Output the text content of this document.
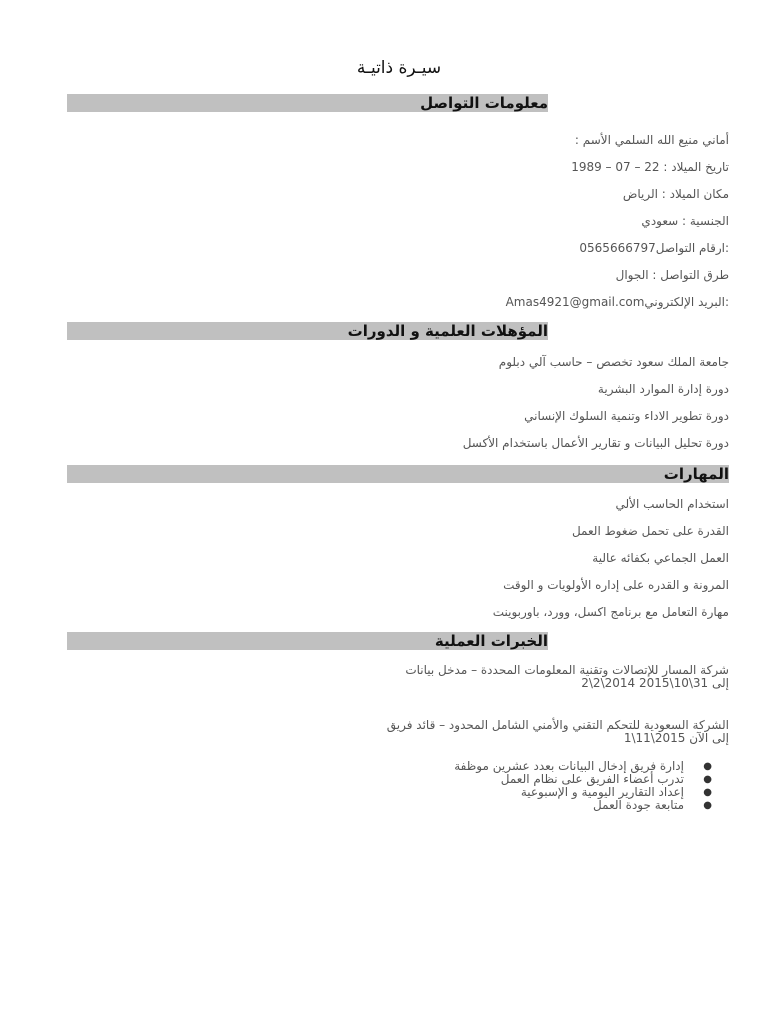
سيـرة ذاتيـة
معلومات التواصل
أماني منيع الله السلمي الأسم :
تاريخ الميلاد : 22 – 07 – 1989
مكان الميلاد : الرياض
الجنسية : سعودي
:ارقام التواصل0565666797
طرق التواصل : الجوال
:البريد الإلكترونيAmas4921@gmail.com
المؤهلات العلمية و الدورات
جامعة الملك سعود تخصص – حاسب آلي دبلوم
دورة إدارة الموارد البشرية
دورة تطوير الاداء وتنمية السلوك الإنساني
دورة تحليل البيانات و تقارير الأعمال باستخدام الأكسل
المهارات
استخدام الحاسب الألي
القدرة على تحمل ضغوط العمل
العمل الجماعي بكفائه عالية
المرونة و القدره على إداره الأولويات و الوقت
مهارة التعامل مع برنامج اكسل، وورد، باوربوينت
الخبرات العملية
شركة المسار للإتصالات وتقنية المعلومات المحددة – مدخل بيانات
إلى 31\10\2015 2014\2\2
الشركة السعودية للتحكم التقني والأمني الشامل المحدود – قائد فريق
إلى الآن 2015\11\1
●
إدارة فريق إدخال البيانات بعدد عشرين موظفة
●
تدرب أعضاء الفريق على نظام العمل
●
إعداد التقارير اليومية و الإسبوعية
●
متابعة جودة العمل
